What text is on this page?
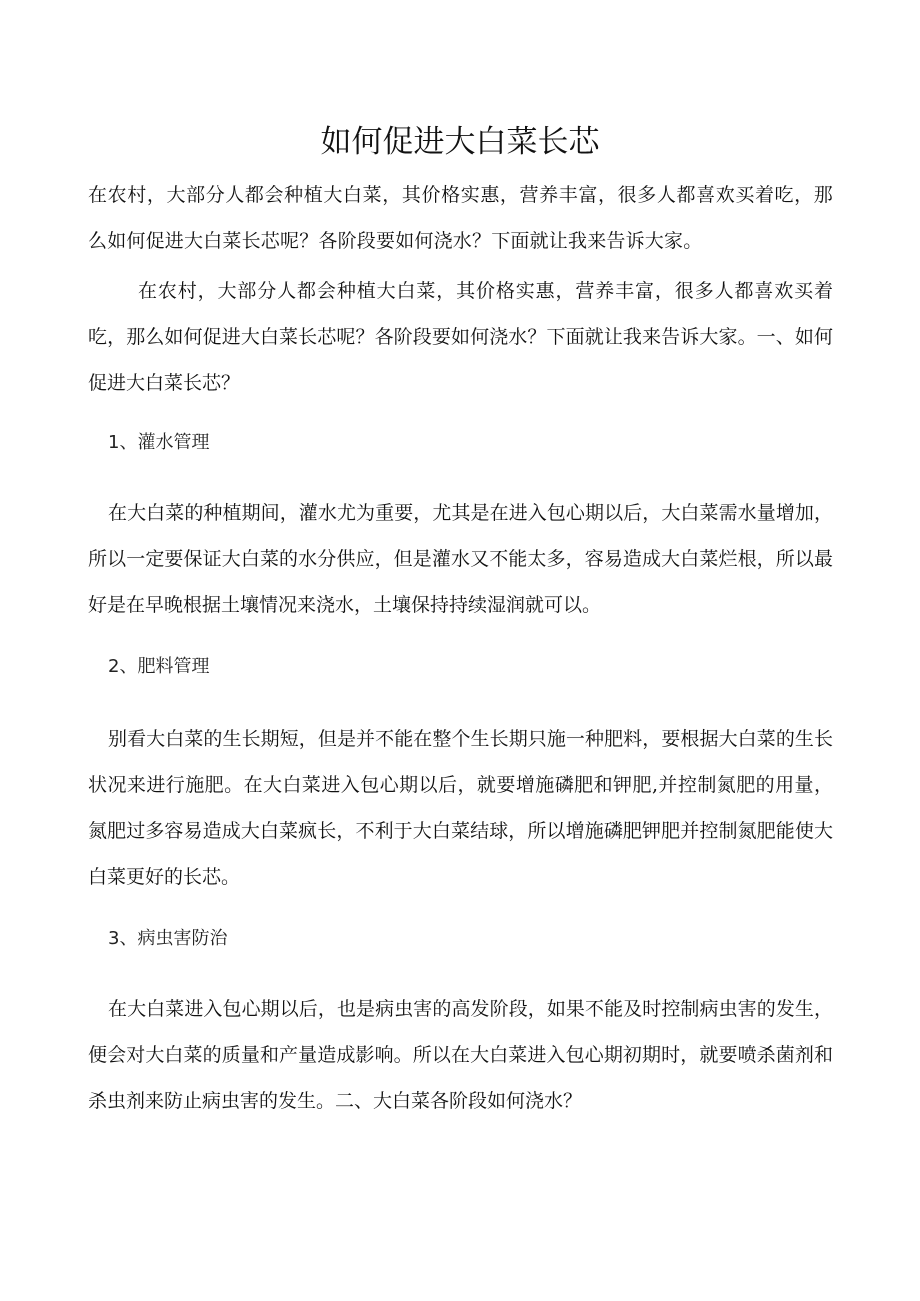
如何促进大白菜长芯

在农村，大部分人都会种植大白菜，其价格实惠，营养丰富，很多人都喜欢买着吃，那么如何促进大白菜长芯呢？各阶段要如何浇水？下面就让我来告诉大家。

在农村，大部分人都会种植大白菜，其价格实惠，营养丰富，很多人都喜欢买着吃，那么如何促进大白菜长芯呢？各阶段要如何浇水？下面就让我来告诉大家。一、如何促进大白菜长芯？

1、灌水管理

在大白菜的种植期间，灌水尤为重要，尤其是在进入包心期以后，大白菜需水量增加，所以一定要保证大白菜的水分供应，但是灌水又不能太多，容易造成大白菜烂根，所以最好是在早晚根据土壤情况来浇水，土壤保持持续湿润就可以。

2、肥料管理

别看大白菜的生长期短，但是并不能在整个生长期只施一种肥料，要根据大白菜的生长状况来进行施肥。在大白菜进入包心期以后，就要增施磷肥和钾肥,并控制氮肥的用量，氮肥过多容易造成大白菜疯长，不利于大白菜结球，所以增施磷肥钾肥并控制氮肥能使大白菜更好的长芯。

3、病虫害防治

在大白菜进入包心期以后，也是病虫害的高发阶段，如果不能及时控制病虫害的发生，便会对大白菜的质量和产量造成影响。所以在大白菜进入包心期初期时，就要喷杀菌剂和杀虫剂来防止病虫害的发生。二、大白菜各阶段如何浇水？
